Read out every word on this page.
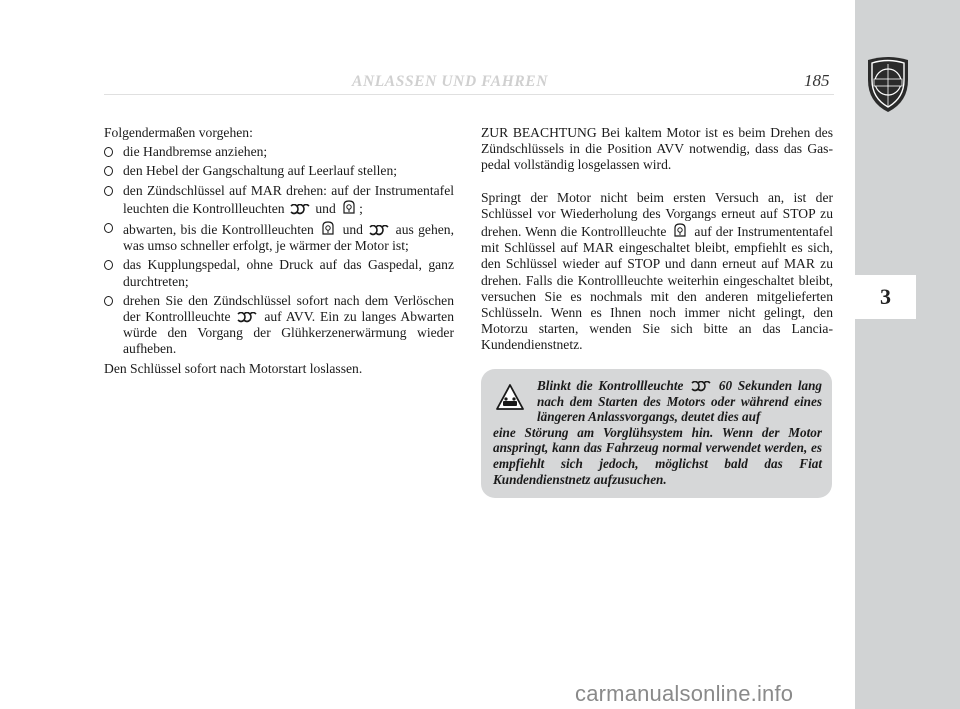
ANLASSEN UND FAHREN	185
3

Folgendermaßen vorgehen:

die Handbremse anziehen;
den Hebel der Gangschaltung auf Leerlauf stellen;
den Zündschlüssel auf MAR drehen: auf der Instrumentafel leuchten die Kontrollleuchten und ;
abwarten, bis die Kontrollleuchten und aus gehen, was umso schneller erfolgt, je wärmer der Motor ist;
das Kupplungspedal, ohne Druck auf das Gaspedal, ganz durchtreten;
drehen Sie den Zündschlüssel sofort nach dem Verlöschen der Kontrollleuchte auf AVV. Ein zu langes Abwarten würde den Vorgang der Glühkerzenerwärmung wieder aufheben.

Den Schlüssel sofort nach Motorstart loslassen.

ZUR BEACHTUNG Bei kaltem Motor ist es beim Drehen des Zündschlüssels in die Position AVV notwendig, dass das Gaspedal vollständig losgelassen wird.

Springt der Motor nicht beim ersten Versuch an, ist der Schlüssel vor Wiederholung des Vorgangs erneut auf STOP zu drehen. Wenn die Kontrollleuchte auf der Instrumententafel mit Schlüssel auf MAR eingeschaltet bleibt, empfiehlt es sich, den Schlüssel wieder auf STOP und dann erneut auf MAR zu drehen. Falls die Kontrollleuchte weiterhin eingeschaltet bleibt, versuchen Sie es nochmals mit den anderen mitgelieferten Schlüsseln. Wenn es Ihnen noch immer nicht gelingt, den Motorzu starten, wenden Sie sich bitte an das Lancia-Kundendienstnetz.

Blinkt die Kontrollleuchte	60 Sekunden lang nach dem Starten des Motors oder während eines längeren Anlassvorgangs, deutet dies auf
eine Störung am Vorglühsystem hin. Wenn der Motor anspringt, kann das Fahrzeug normal verwendet werden, es empfiehlt sich jedoch, möglichst bald das Fiat Kundendienstnetz aufzusuchen.
carmanualsonline.info
